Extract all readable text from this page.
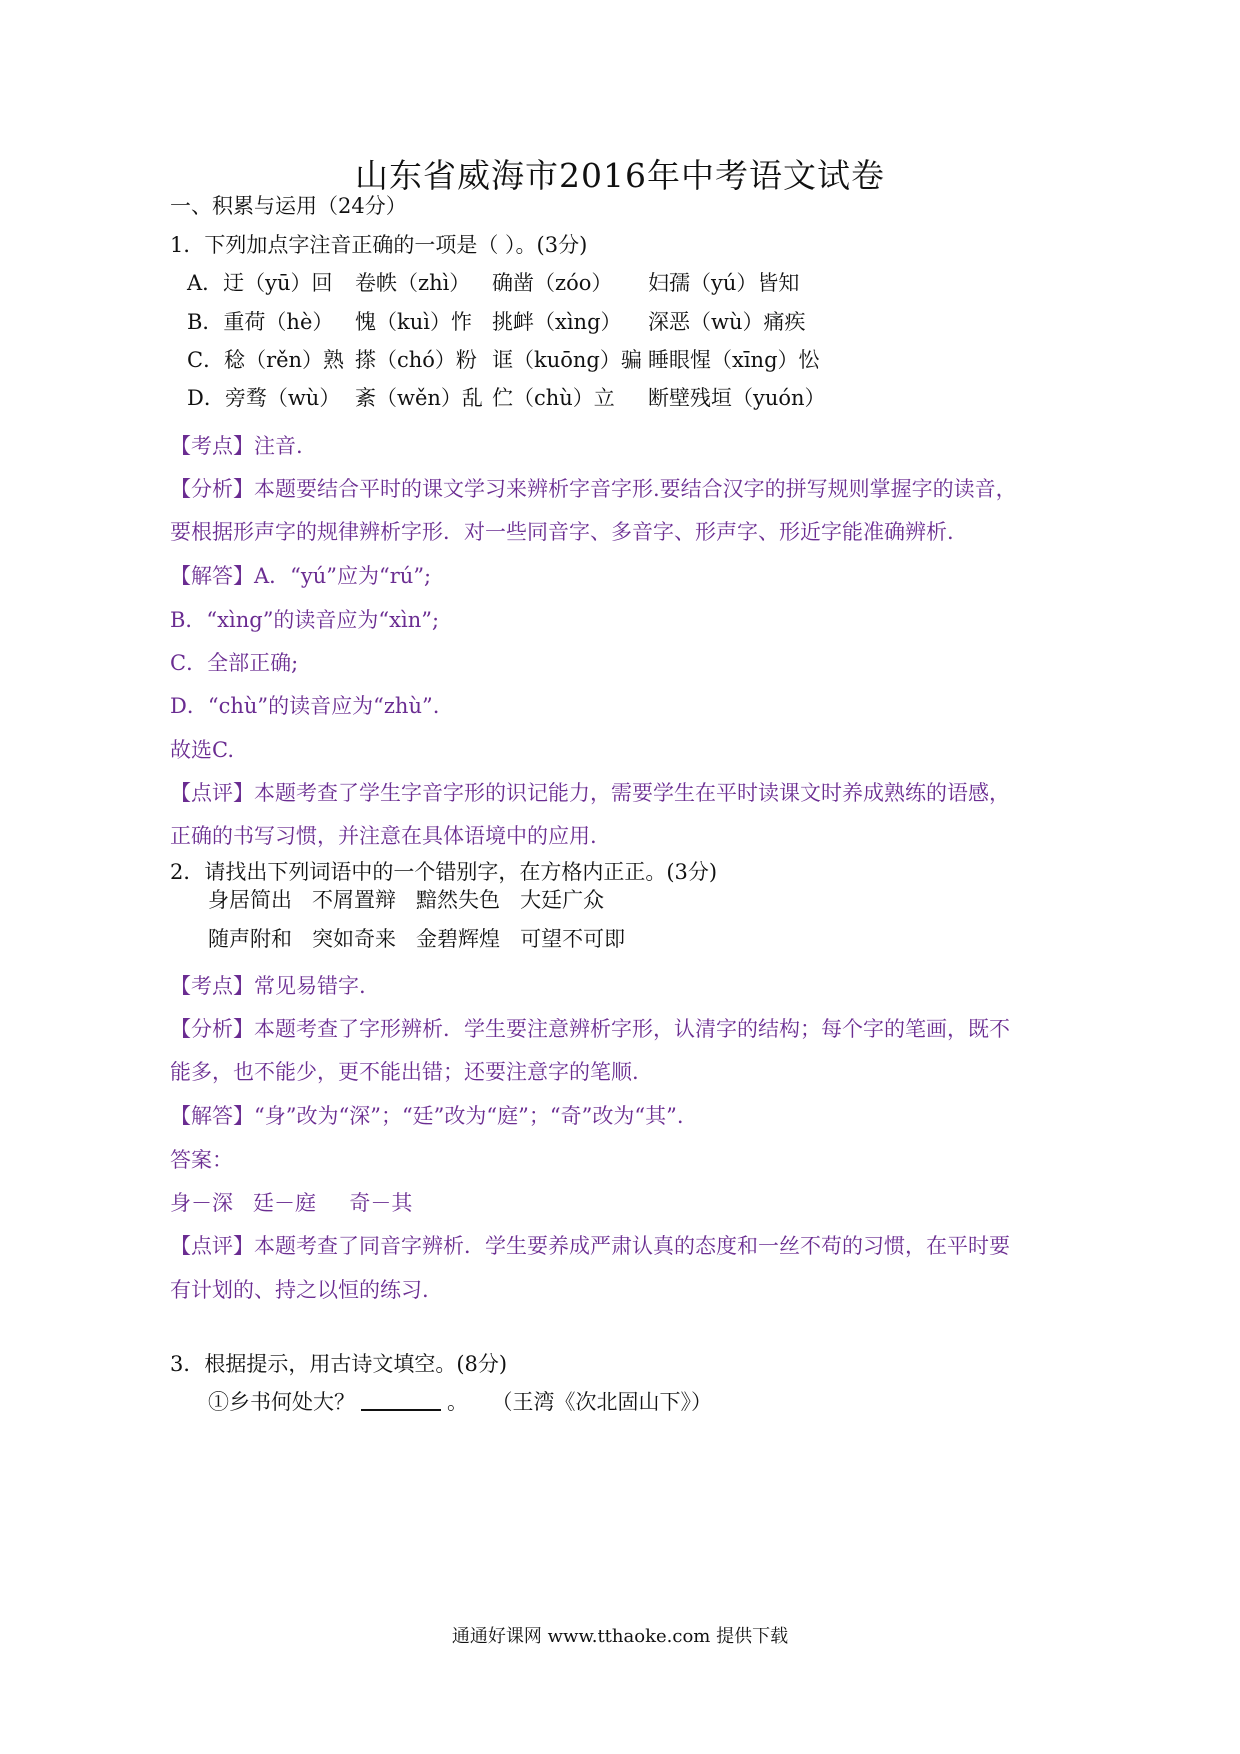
山东省威海市2016年中考语文试卷
一、积累与运用（24分）
1．下列加点字注音正确的一项是（ ）。(3分)
A．迂（yū）回 卷帙（zhì） 确凿（zóo） 妇孺（yú）皆知
B．重荷（hè） 愧（kuì）怍 挑衅（xìng） 深恶（wù）痛疾
C．稔（rěn）熟 搽（chó）粉 诓（kuōng）骗 睡眼惺（xīng）忪
D．旁骛（wù） 紊（wěn）乱 伫（chù）立 断壁残垣（yuón）
【考点】注音.
【分析】本题要结合平时的课文学习来辨析字音字形.要结合汉字的拼写规则掌握字的读音，
要根据形声字的规律辨析字形．对一些同音字、多音字、形声字、形近字能准确辨析.
【解答】A．“yú”应为“rú”;
B．“xìng”的读音应为“xìn”;
C．全部正确;
D．“chù”的读音应为“zhù”.
故选C.
【点评】本题考查了学生字音字形的识记能力，需要学生在平时读课文时养成熟练的语感，
正确的书写习惯，并注意在具体语境中的应用.
2．请找出下列词语中的一个错别字，在方格内正正。(3分)
身居简出   不屑置辩   黯然失色   大廷广众
随声附和   突如奇来   金碧辉煌   可望不可即
【考点】常见易错字.
【分析】本题考查了字形辨析．学生要注意辨析字形，认清字的结构；每个字的笔画，既不
能多，也不能少，更不能出错；还要注意字的笔顺.
【解答】“身”改为“深”；“廷”改为“庭”；“奇”改为“其”.
答案：
身－深   廷－庭     奇－其
【点评】本题考查了同音字辨析．学生要养成严肃认真的态度和一丝不苟的习惯，在平时要
有计划的、持之以恒的练习.
3．根据提示，用古诗文填空。(8分)
①乡书何处大？	。 （王湾《次北固山下》）
通通好课网 www.tthaoke.com 提供下载
